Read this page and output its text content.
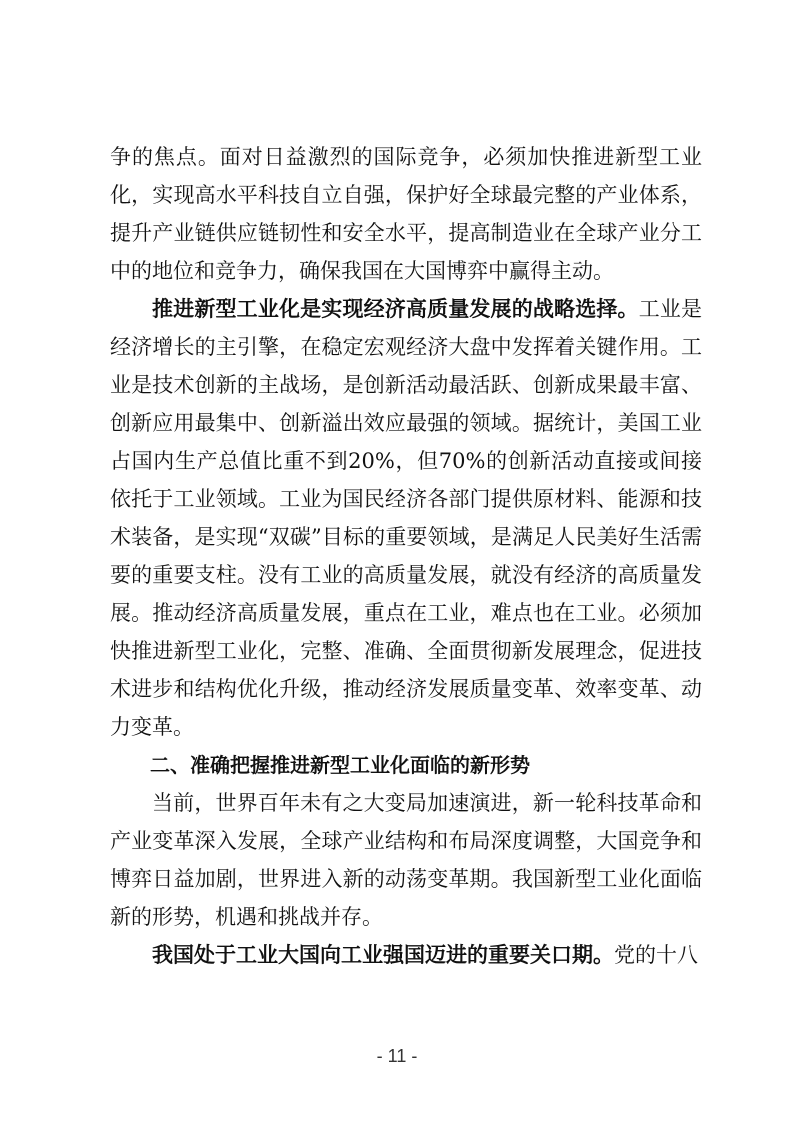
争的焦点。面对日益激烈的国际竞争，必须加快推进新型工业化，实现高水平科技自立自强，保护好全球最完整的产业体系，提升产业链供应链韧性和安全水平，提高制造业在全球产业分工中的地位和竞争力，确保我国在大国博弈中赢得主动。

推进新型工业化是实现经济高质量发展的战略选择。工业是经济增长的主引擎，在稳定宏观经济大盘中发挥着关键作用。工业是技术创新的主战场，是创新活动最活跃、创新成果最丰富、创新应用最集中、创新溢出效应最强的领域。据统计，美国工业占国内生产总值比重不到20%，但70%的创新活动直接或间接依托于工业领域。工业为国民经济各部门提供原材料、能源和技术装备，是实现“双碳”目标的重要领域，是满足人民美好生活需要的重要支柱。没有工业的高质量发展，就没有经济的高质量发展。推动经济高质量发展，重点在工业，难点也在工业。必须加快推进新型工业化，完整、准确、全面贯彻新发展理念，促进技术进步和结构优化升级，推动经济发展质量变革、效率变革、动力变革。

二、准确把握推进新型工业化面临的新形势

当前，世界百年未有之大变局加速演进，新一轮科技革命和产业变革深入发展，全球产业结构和布局深度调整，大国竞争和博弈日益加剧，世界进入新的动荡变革期。我国新型工业化面临新的形势，机遇和挑战并存。

我国处于工业大国向工业强国迈进的重要关口期。党的十八

- 11 -
